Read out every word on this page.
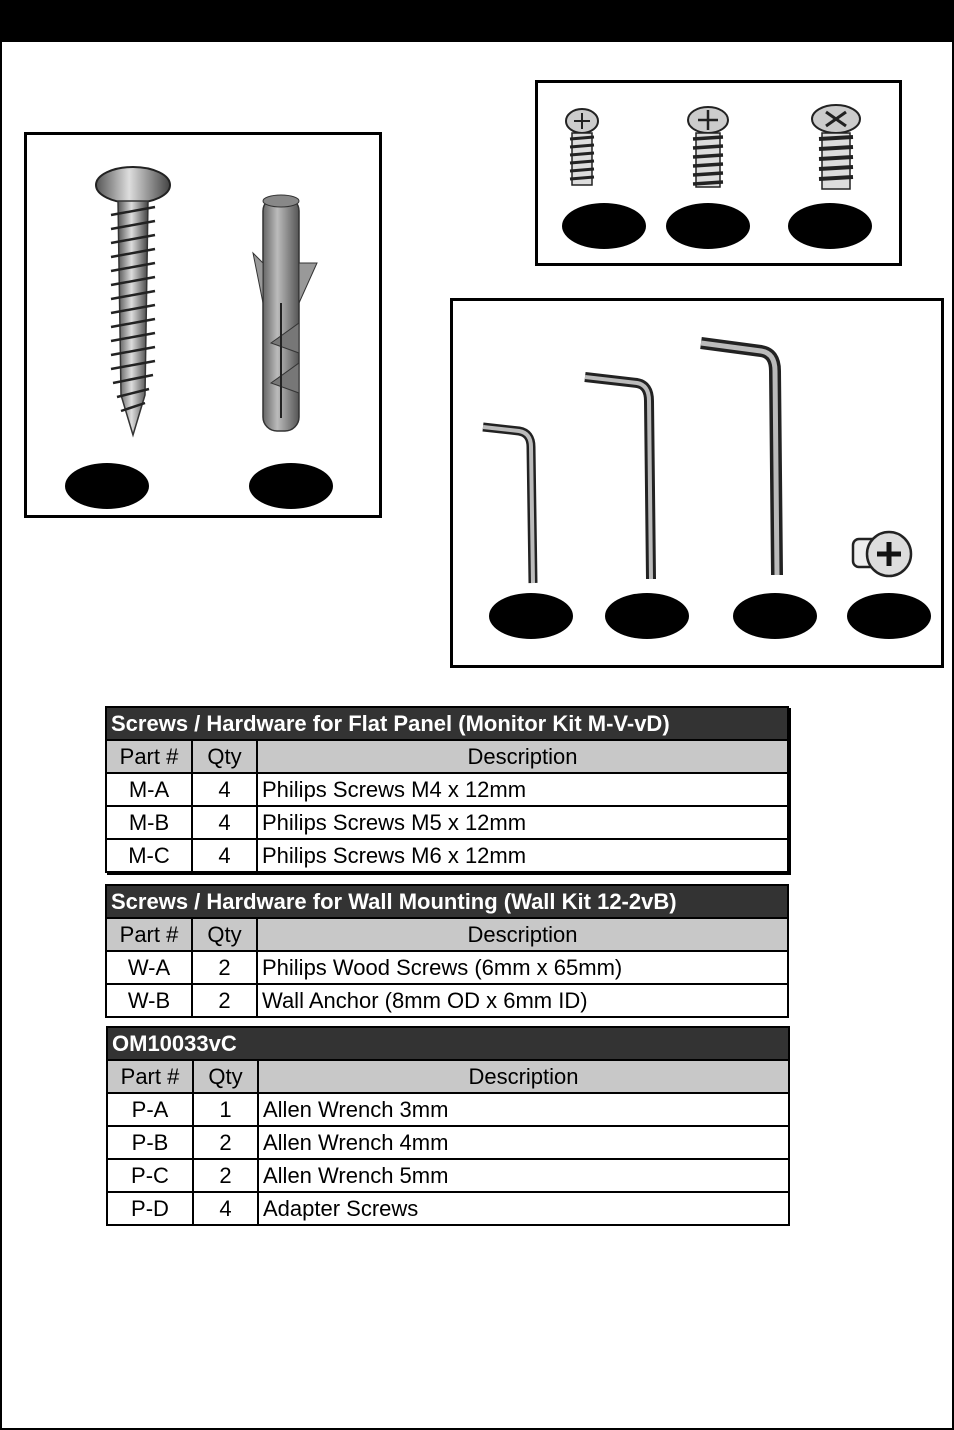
Screws / Hardware for Flat Panel (Monitor Kit M-V-vD)		
Part #	Qty	Description
M-A	4	Philips Screws M4 x 12mm
M-B	4	Philips Screws M5 x 12mm
M-C	4	Philips Screws M6 x 12mm
Screws / Hardware for Wall Mounting (Wall Kit 12-2vB)		
Part #	Qty	Description
W-A	2	Philips Wood Screws (6mm x 65mm)
W-B	2	Wall Anchor (8mm OD x 6mm ID)
OM10033vC		
Part #	Qty	Description
P-A	1	Allen Wrench 3mm
P-B	2	Allen Wrench 4mm
P-C	2	Allen Wrench 5mm
P-D	4	Adapter Screws
